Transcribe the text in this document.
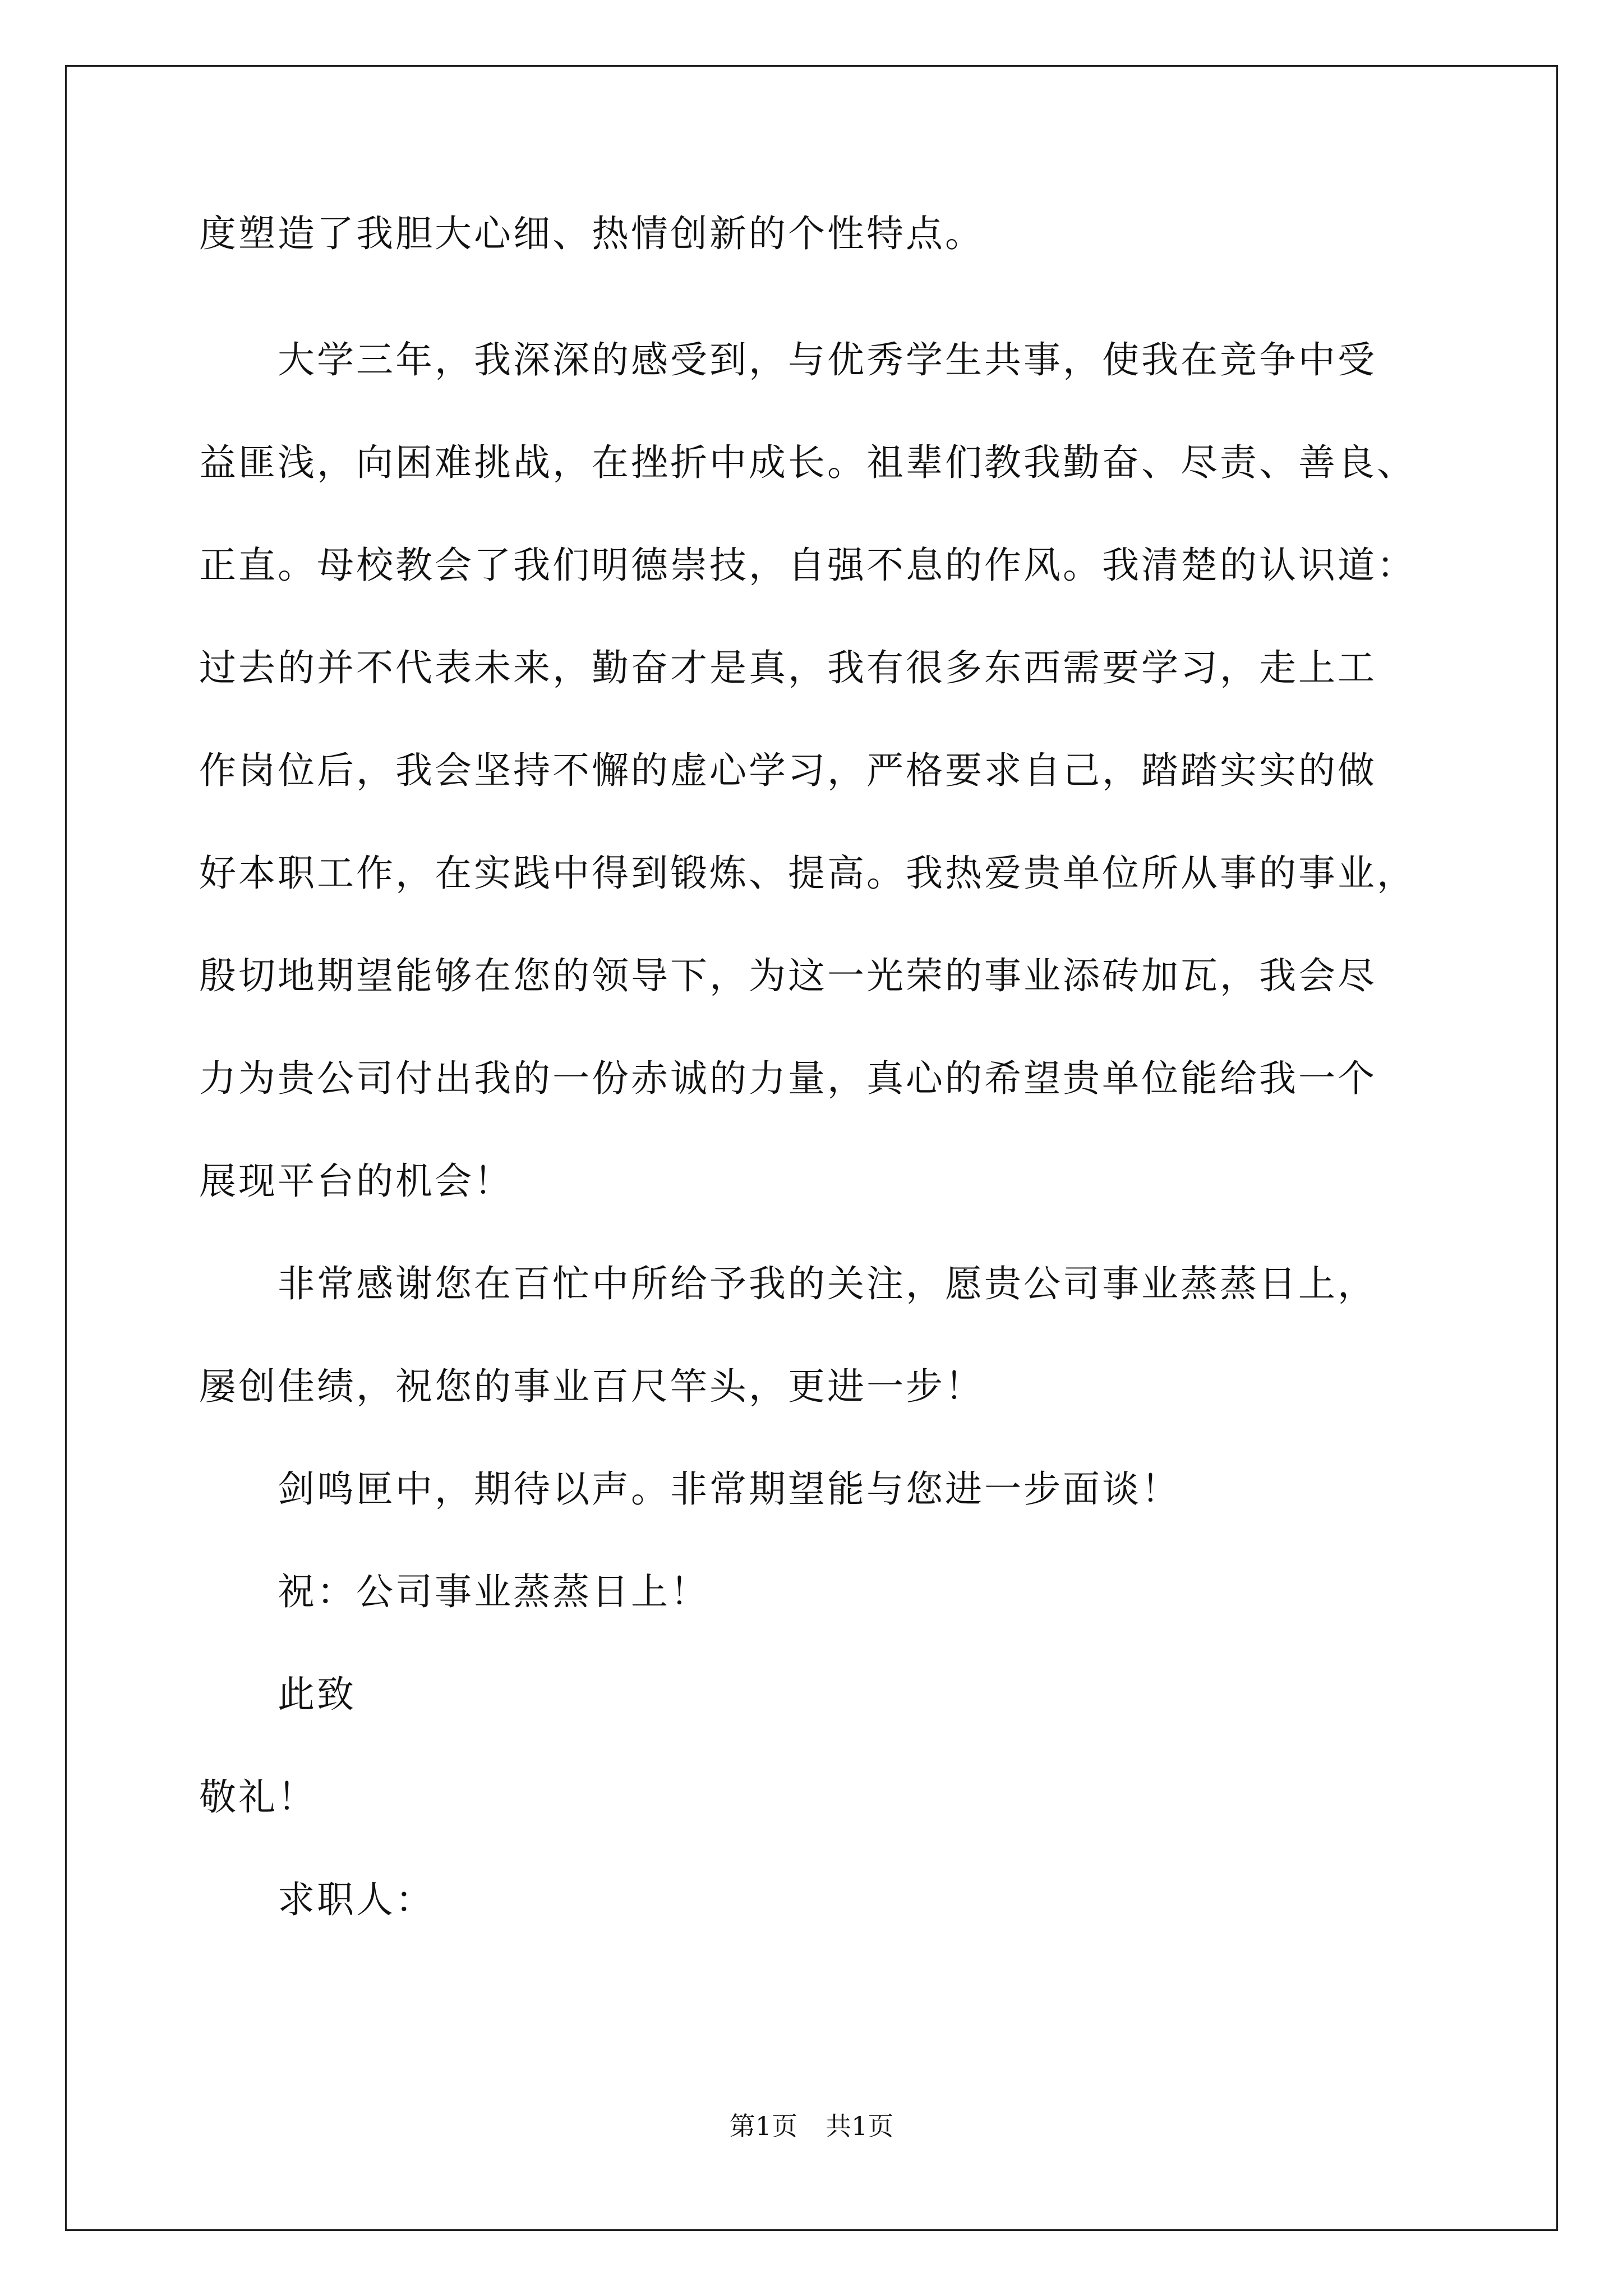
度塑造了我胆大心细、热情创新的个性特点。
　　大学三年，我深深的感受到，与优秀学生共事，使我在竞争中受
益匪浅，向困难挑战，在挫折中成长。祖辈们教我勤奋、尽责、善良、
正直。母校教会了我们明德崇技，自强不息的作风。我清楚的认识道：
过去的并不代表未来，勤奋才是真，我有很多东西需要学习，走上工
作岗位后，我会坚持不懈的虚心学习，严格要求自己，踏踏实实的做
好本职工作，在实践中得到锻炼、提高。我热爱贵单位所从事的事业，
殷切地期望能够在您的领导下，为这一光荣的事业添砖加瓦，我会尽
力为贵公司付出我的一份赤诚的力量，真心的希望贵单位能给我一个
展现平台的机会！
　　非常感谢您在百忙中所给予我的关注，愿贵公司事业蒸蒸日上，
屡创佳绩，祝您的事业百尺竿头，更进一步！
　　剑鸣匣中，期待以声。非常期望能与您进一步面谈！
　　祝：公司事业蒸蒸日上！
　　此致
敬礼！
　　求职人：
第1页 共1页
